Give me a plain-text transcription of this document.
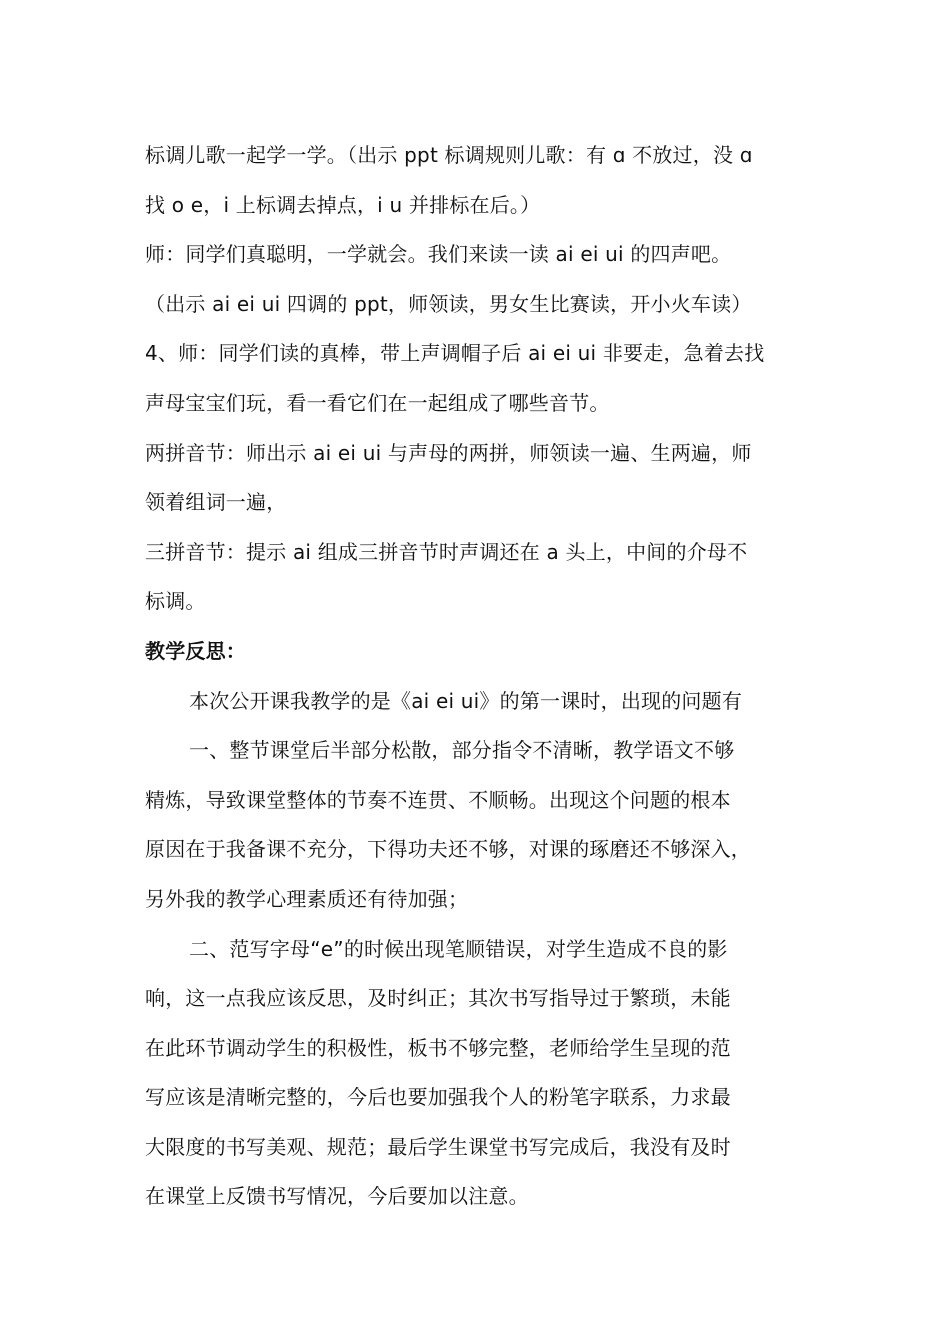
标调儿歌一起学一学。（出示 ppt 标调规则儿歌：有 ɑ 不放过，没 ɑ

找 o e，i 上标调去掉点，i u 并排标在后。）

师：同学们真聪明，一学就会。我们来读一读 ai ei ui 的四声吧。

（出示 ai ei ui 四调的 ppt，师领读，男女生比赛读，开小火车读）

4、师：同学们读的真棒，带上声调帽子后 ai ei ui 非要走，急着去找

声母宝宝们玩，看一看它们在一起组成了哪些音节。

两拼音节：师出示 ai ei ui 与声母的两拼，师领读一遍、生两遍，师

领着组词一遍，

三拼音节：提示 ai 组成三拼音节时声调还在 a 头上，中间的介母不

标调。

教学反思：

本次公开课我教学的是《ai ei ui》的第一课时，出现的问题有

一、整节课堂后半部分松散，部分指令不清晰，教学语文不够

精炼，导致课堂整体的节奏不连贯、不顺畅。出现这个问题的根本

原因在于我备课不充分，下得功夫还不够，对课的琢磨还不够深入，

另外我的教学心理素质还有待加强；

二、范写字母“e”的时候出现笔顺错误，对学生造成不良的影

响，这一点我应该反思，及时纠正；其次书写指导过于繁琐，未能

在此环节调动学生的积极性，板书不够完整，老师给学生呈现的范

写应该是清晰完整的，今后也要加强我个人的粉笔字联系，力求最

大限度的书写美观、规范；最后学生课堂书写完成后，我没有及时

在课堂上反馈书写情况，今后要加以注意。
